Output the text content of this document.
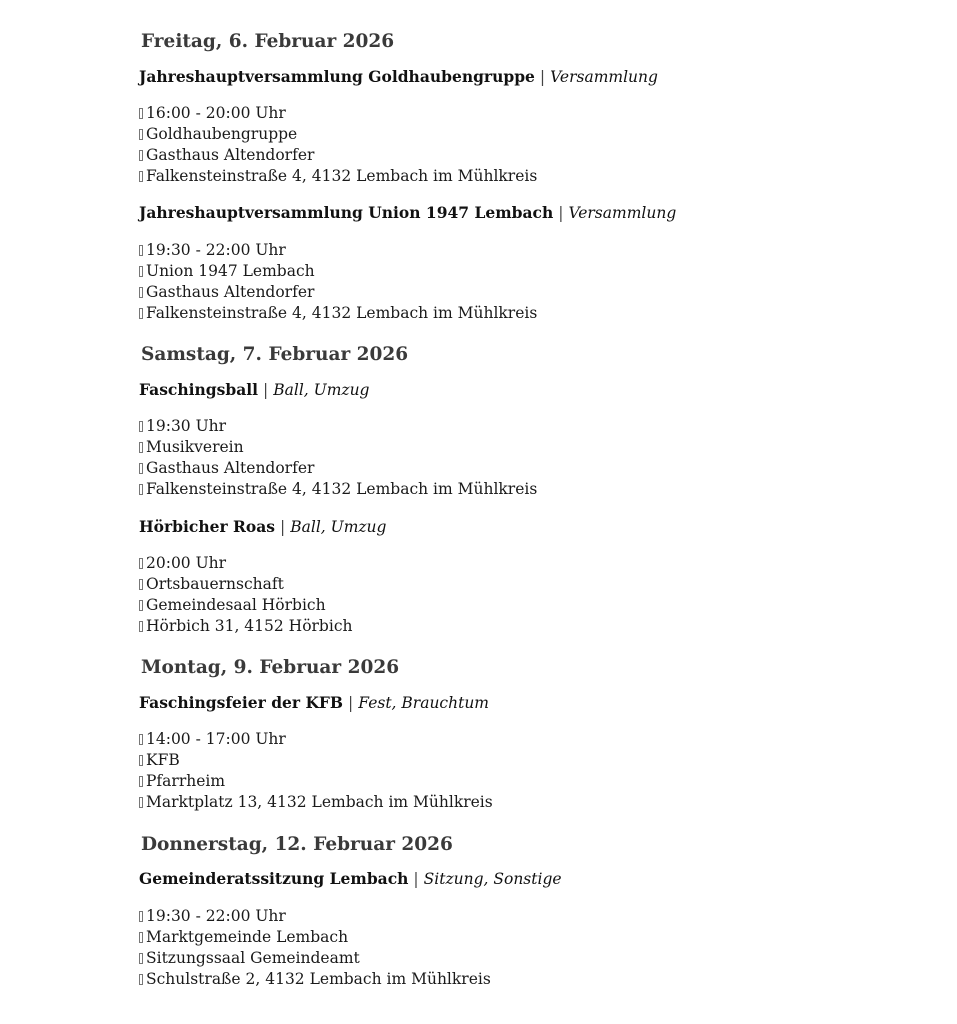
Freitag, 6. Februar 2026
Jahreshauptversammlung Goldhaubengruppe | Versammlung
16:00 - 20:00 Uhr
Goldhaubengruppe
Gasthaus Altendorfer
Falkensteinstraße 4, 4132 Lembach im Mühlkreis
Jahreshauptversammlung Union 1947 Lembach | Versammlung
19:30 - 22:00 Uhr
Union 1947 Lembach
Gasthaus Altendorfer
Falkensteinstraße 4, 4132 Lembach im Mühlkreis
Samstag, 7. Februar 2026
Faschingsball | Ball, Umzug
19:30 Uhr
Musikverein
Gasthaus Altendorfer
Falkensteinstraße 4, 4132 Lembach im Mühlkreis
Hörbicher Roas | Ball, Umzug
20:00 Uhr
Ortsbauernschaft
Gemeindesaal Hörbich
Hörbich 31, 4152 Hörbich
Montag, 9. Februar 2026
Faschingsfeier der KFB | Fest, Brauchtum
14:00 - 17:00 Uhr
KFB
Pfarrheim
Marktplatz 13, 4132 Lembach im Mühlkreis
Donnerstag, 12. Februar 2026
Gemeinderatssitzung Lembach | Sitzung, Sonstige
19:30 - 22:00 Uhr
Marktgemeinde Lembach
Sitzungssaal Gemeindeamt
Schulstraße 2, 4132 Lembach im Mühlkreis
